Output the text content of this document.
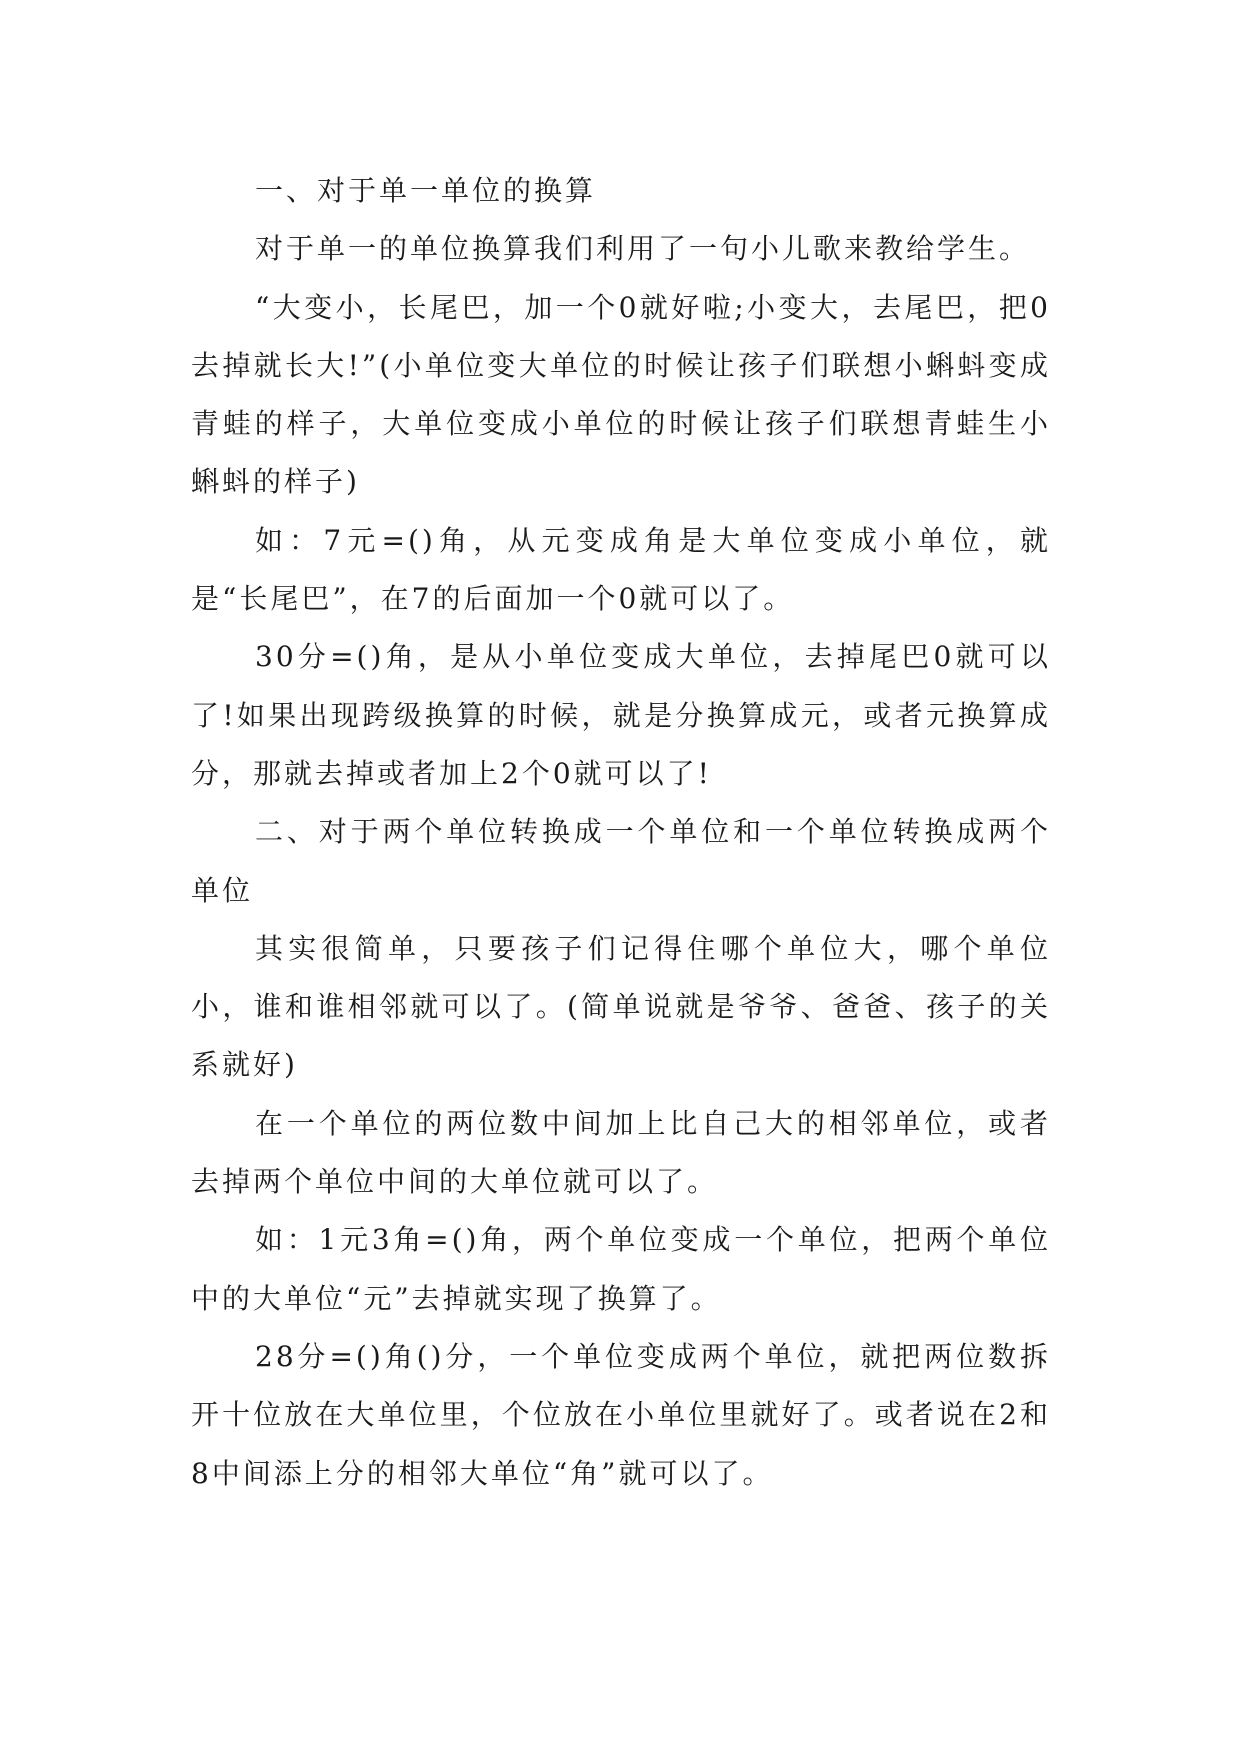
一、对于单一单位的换算

对于单一的单位换算我们利用了一句小儿歌来教给学生。

“大变小，长尾巴，加一个0就好啦;小变大，去尾巴，把0去掉就长大!”(小单位变大单位的时候让孩子们联想小蝌蚪变成青蛙的样子，大单位变成小单位的时候让孩子们联想青蛙生小蝌蚪的样子)

如：7元=()角，从元变成角是大单位变成小单位，就是“长尾巴”，在7的后面加一个0就可以了。

30分=()角，是从小单位变成大单位，去掉尾巴0就可以了!如果出现跨级换算的时候，就是分换算成元，或者元换算成分，那就去掉或者加上2个0就可以了!

二、对于两个单位转换成一个单位和一个单位转换成两个单位

其实很简单，只要孩子们记得住哪个单位大，哪个单位小，谁和谁相邻就可以了。(简单说就是爷爷、爸爸、孩子的关系就好)

在一个单位的两位数中间加上比自己大的相邻单位，或者去掉两个单位中间的大单位就可以了。

如：1元3角=()角，两个单位变成一个单位，把两个单位中的大单位“元”去掉就实现了换算了。

28分=()角()分，一个单位变成两个单位，就把两位数拆开十位放在大单位里，个位放在小单位里就好了。或者说在2和8中间添上分的相邻大单位“角”就可以了。
